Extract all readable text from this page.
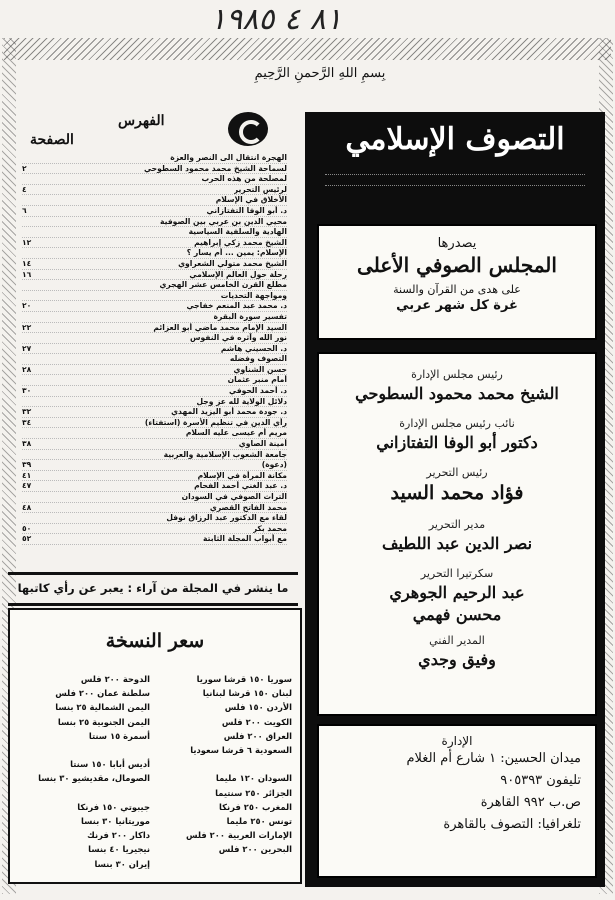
٨١ ٤ ١٩٨٥
بِسمِ اللهِ الرَّحمنِ الرَّحِيمِ
التصوف الإسلامي
يصدرها
المجلس الصوفي الأعلى
على هدى من القرآن والسنة
غرة كل شهر عربي
رئيس مجلس الإدارة
الشيخ محمد محمود السطوحي
نائب رئيس مجلس الإدارة
دكتور أبو الوفا التفتازاني
رئيس التحرير
فؤاد محمد السيد
مدير التحرير
نصر الدين عبد اللطيف
سكرتيرا التحرير
عبد الرحيم الجوهري
محسن فهمي
المدير الفني
وفيق وجدي
الإدارة
ميدان الحسين: ١ شارع أم الغلام
تليفون ٩٠٥٣٩٣
ص.ب ٩٩٢ القاهرة
تلغرافيا: التصوف بالقاهرة
الفهرس
الصفحة
الهجرة انتقال الى النصر والعزة
لسماحة الشيخ محمد محمود السطوحي
٢
لمصلحة من هذه الحرب
لرئيس التحرير
٤
الأخلاق في الإسلام
د. أبو الوفا التفتازاني
٦
محيي الدين بن عربي بين الصوفية
الهادية والسلفية السياسية
الشيخ محمد زكي إبراهيم
١٢
الإسلام: يمين ... أم يسار ؟
الشيخ محمد متولي الشعراوي
١٤
رحلة حول العالم الإسلامي
١٦
مطلع القرن الخامس عشر الهجري
ومواجهة التحديات
د. محمد عبد المنعم خفاجي
٢٠
تفسير سورة البقرة
السيد الإمام محمد ماضي أبو العزائم
٢٢
نور الله وآثره في النفوس
د. الحسيني هاشم
٢٧
التصوف وفضله
حسن الشناوي
٢٨
أمام منبر عثمان
د. أحمد الحوفي
٣٠
دلائل الولاية لله عز وجل
د. جودة محمد أبو اليزيد المهدي
٣٢
رأي الدين في تنظيم الأسرة (استفتاء)
٣٤
مريم أم عيسى عليه السلام
أمينة الصاوي
٣٨
جامعة الشعوب الإسلامية والعربية
(دعوة)
٣٩
مكانة المرأة في الإسلام
٤١
د. عبد الغني أحمد الفحام
٤٧
التراث الصوفي في السودان
محمد الفاتح القصري
٤٨
لقاء مع الدكتور عبد الرزاق نوفل
محمد بكر
٥٠
مع أبواب المجلة الثابتة
٥٢
ما ينشر في المجلة من آراء : يعبر عن رأي كاتبها
سعر النسخة
سوريا ١٥٠ قرشا سوريا
لبنان ١٥٠ قرشا لبنانيا
الأردن ١٥٠ فلس
الكويت ٢٠٠ فلس
العراق ٢٠٠ فلس
السعودية ٦ قرشا سعوديا

السودان ١٢٠ مليما
الجزائر ٢٥٠ سنتيما
المغرب ٢٥٠ فرنكا
تونس ٢٥٠ مليما
الإمارات العربية ٢٠٠ فلس
البحرين ٢٠٠ فلس
الدوحة ٢٠٠ فلس
سلطنة عمان ٢٠٠ فلس
اليمن الشمالية ٢٥ بنسا
اليمن الجنوبية ٢٥ بنسا
أسمرة ١٥ سنتا

أديس أبابا ١٥٠ سنتا
الصومال، مقديشيو ٣٠ بنسا

جيبوتي ١٥٠ فرنكا
موريتانيا ٣٠ بنسا
داكار ٢٠٠ فرنك
نيجيريا ٤٠ بنسا
إيران ٣٠ بنسا
